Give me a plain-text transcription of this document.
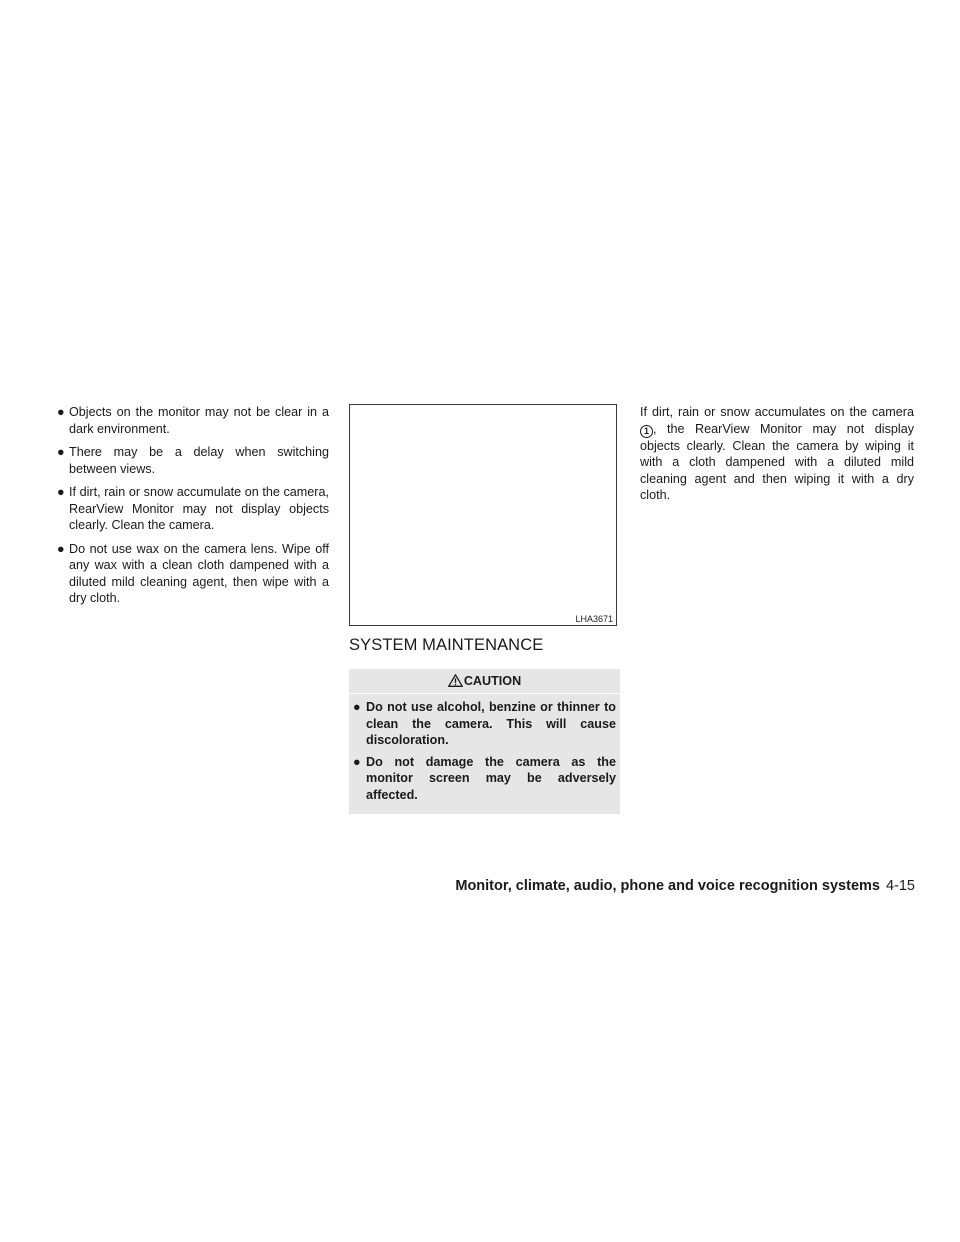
● Objects on the monitor may not be clear in a dark environment.
● There may be a delay when switching between views.
● If dirt, rain or snow accumulate on the camera, RearView Monitor may not display objects clearly. Clean the camera.
● Do not use wax on the camera lens. Wipe off any wax with a clean cloth dampened with a diluted mild cleaning agent, then wipe with a dry cloth.
LHA3671
SYSTEM MAINTENANCE
CAUTION
● Do not use alcohol, benzine or thinner to clean the camera. This will cause discoloration.
● Do not damage the camera as the monitor screen may be adversely affected.

If dirt, rain or snow accumulates on the camera 1 , the RearView Monitor may not display objects clearly. Clean the camera by wiping it with a cloth dampened with a diluted mild cleaning agent and then wiping it with a dry cloth.

Monitor, climate, audio, phone and voice recognition systems 4-15
